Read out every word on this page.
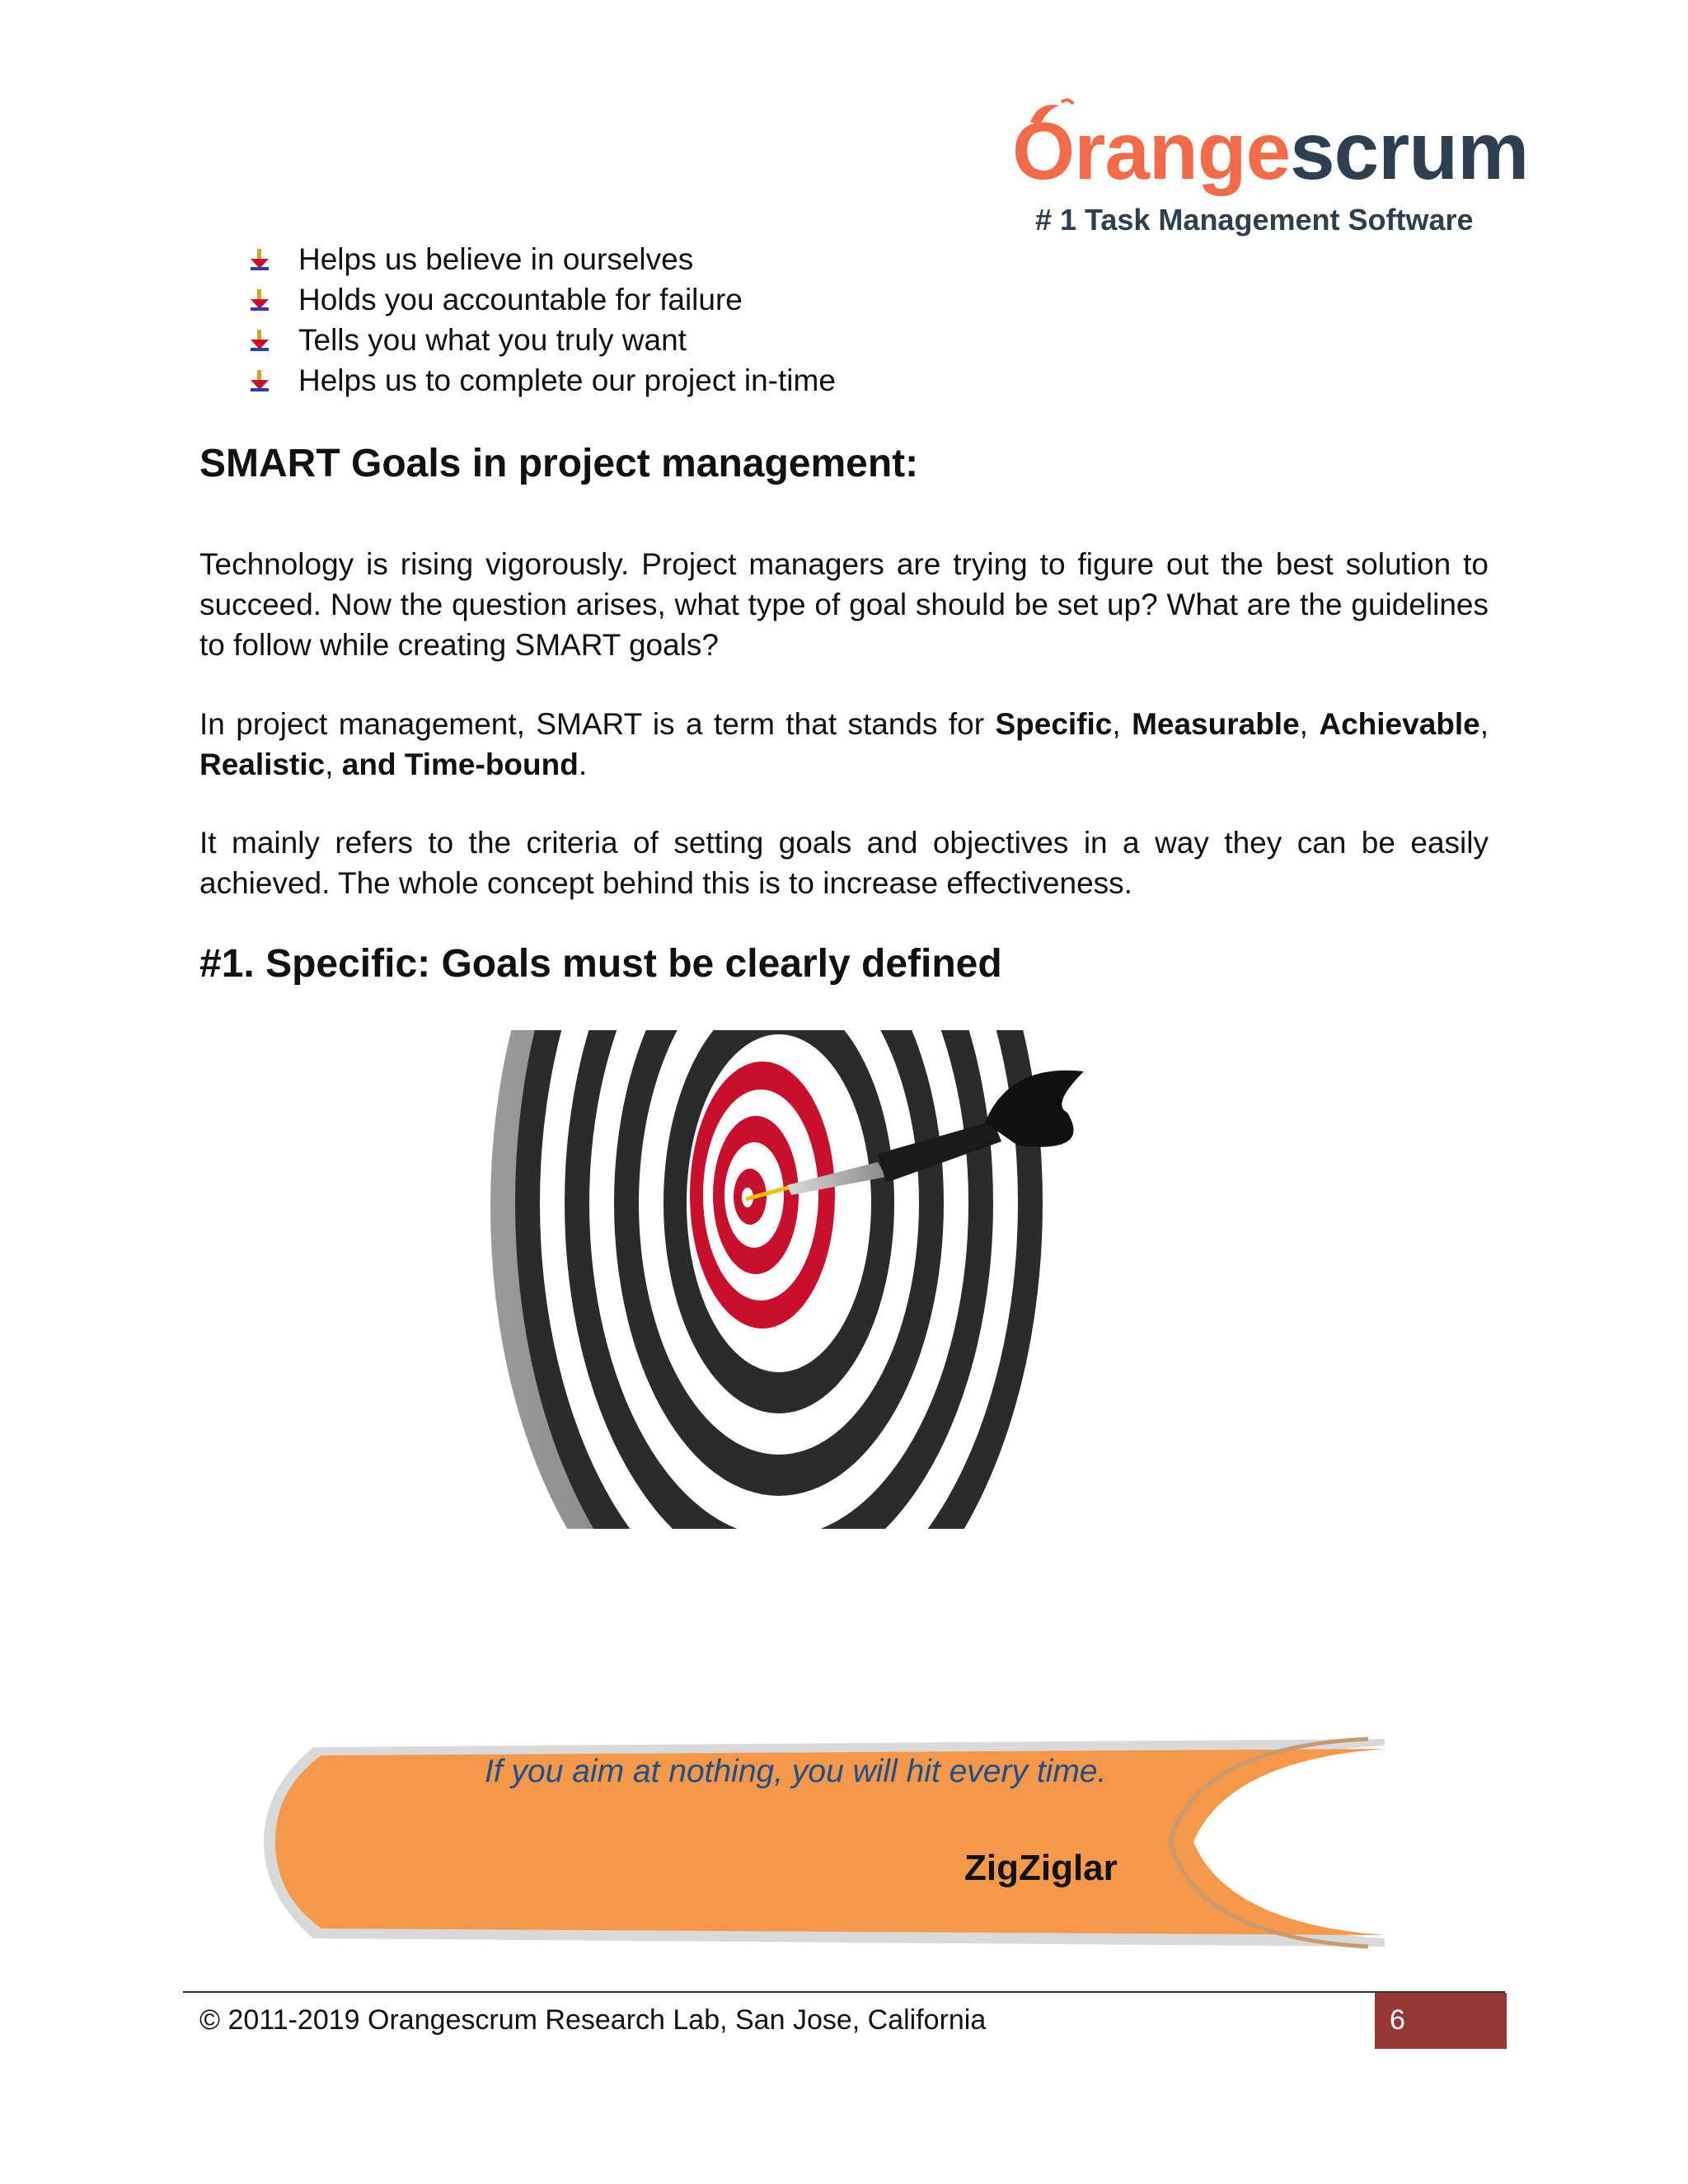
Orangescrum
# 1 Task Management Software
Helps us believe in ourselves
Holds you accountable for failure
Tells you what you truly want
Helps us to complete our project in-time
SMART Goals in project management:

Technology is rising vigorously. Project managers are trying to figure out the best solution to succeed. Now the question arises, what type of goal should be set up? What are the guidelines to follow while creating SMART goals?

In project management, SMART is a term that stands for Specific, Measurable, Achievable, Realistic, and Time-bound.

It mainly refers to the criteria of setting goals and objectives in a way they can be easily achieved. The whole concept behind this is to increase effectiveness.

#1. Specific: Goals must be clearly defined
If you aim at nothing, you will hit every time.
ZigZiglar
© 2011-2019 Orangescrum Research Lab, San Jose, California	6
